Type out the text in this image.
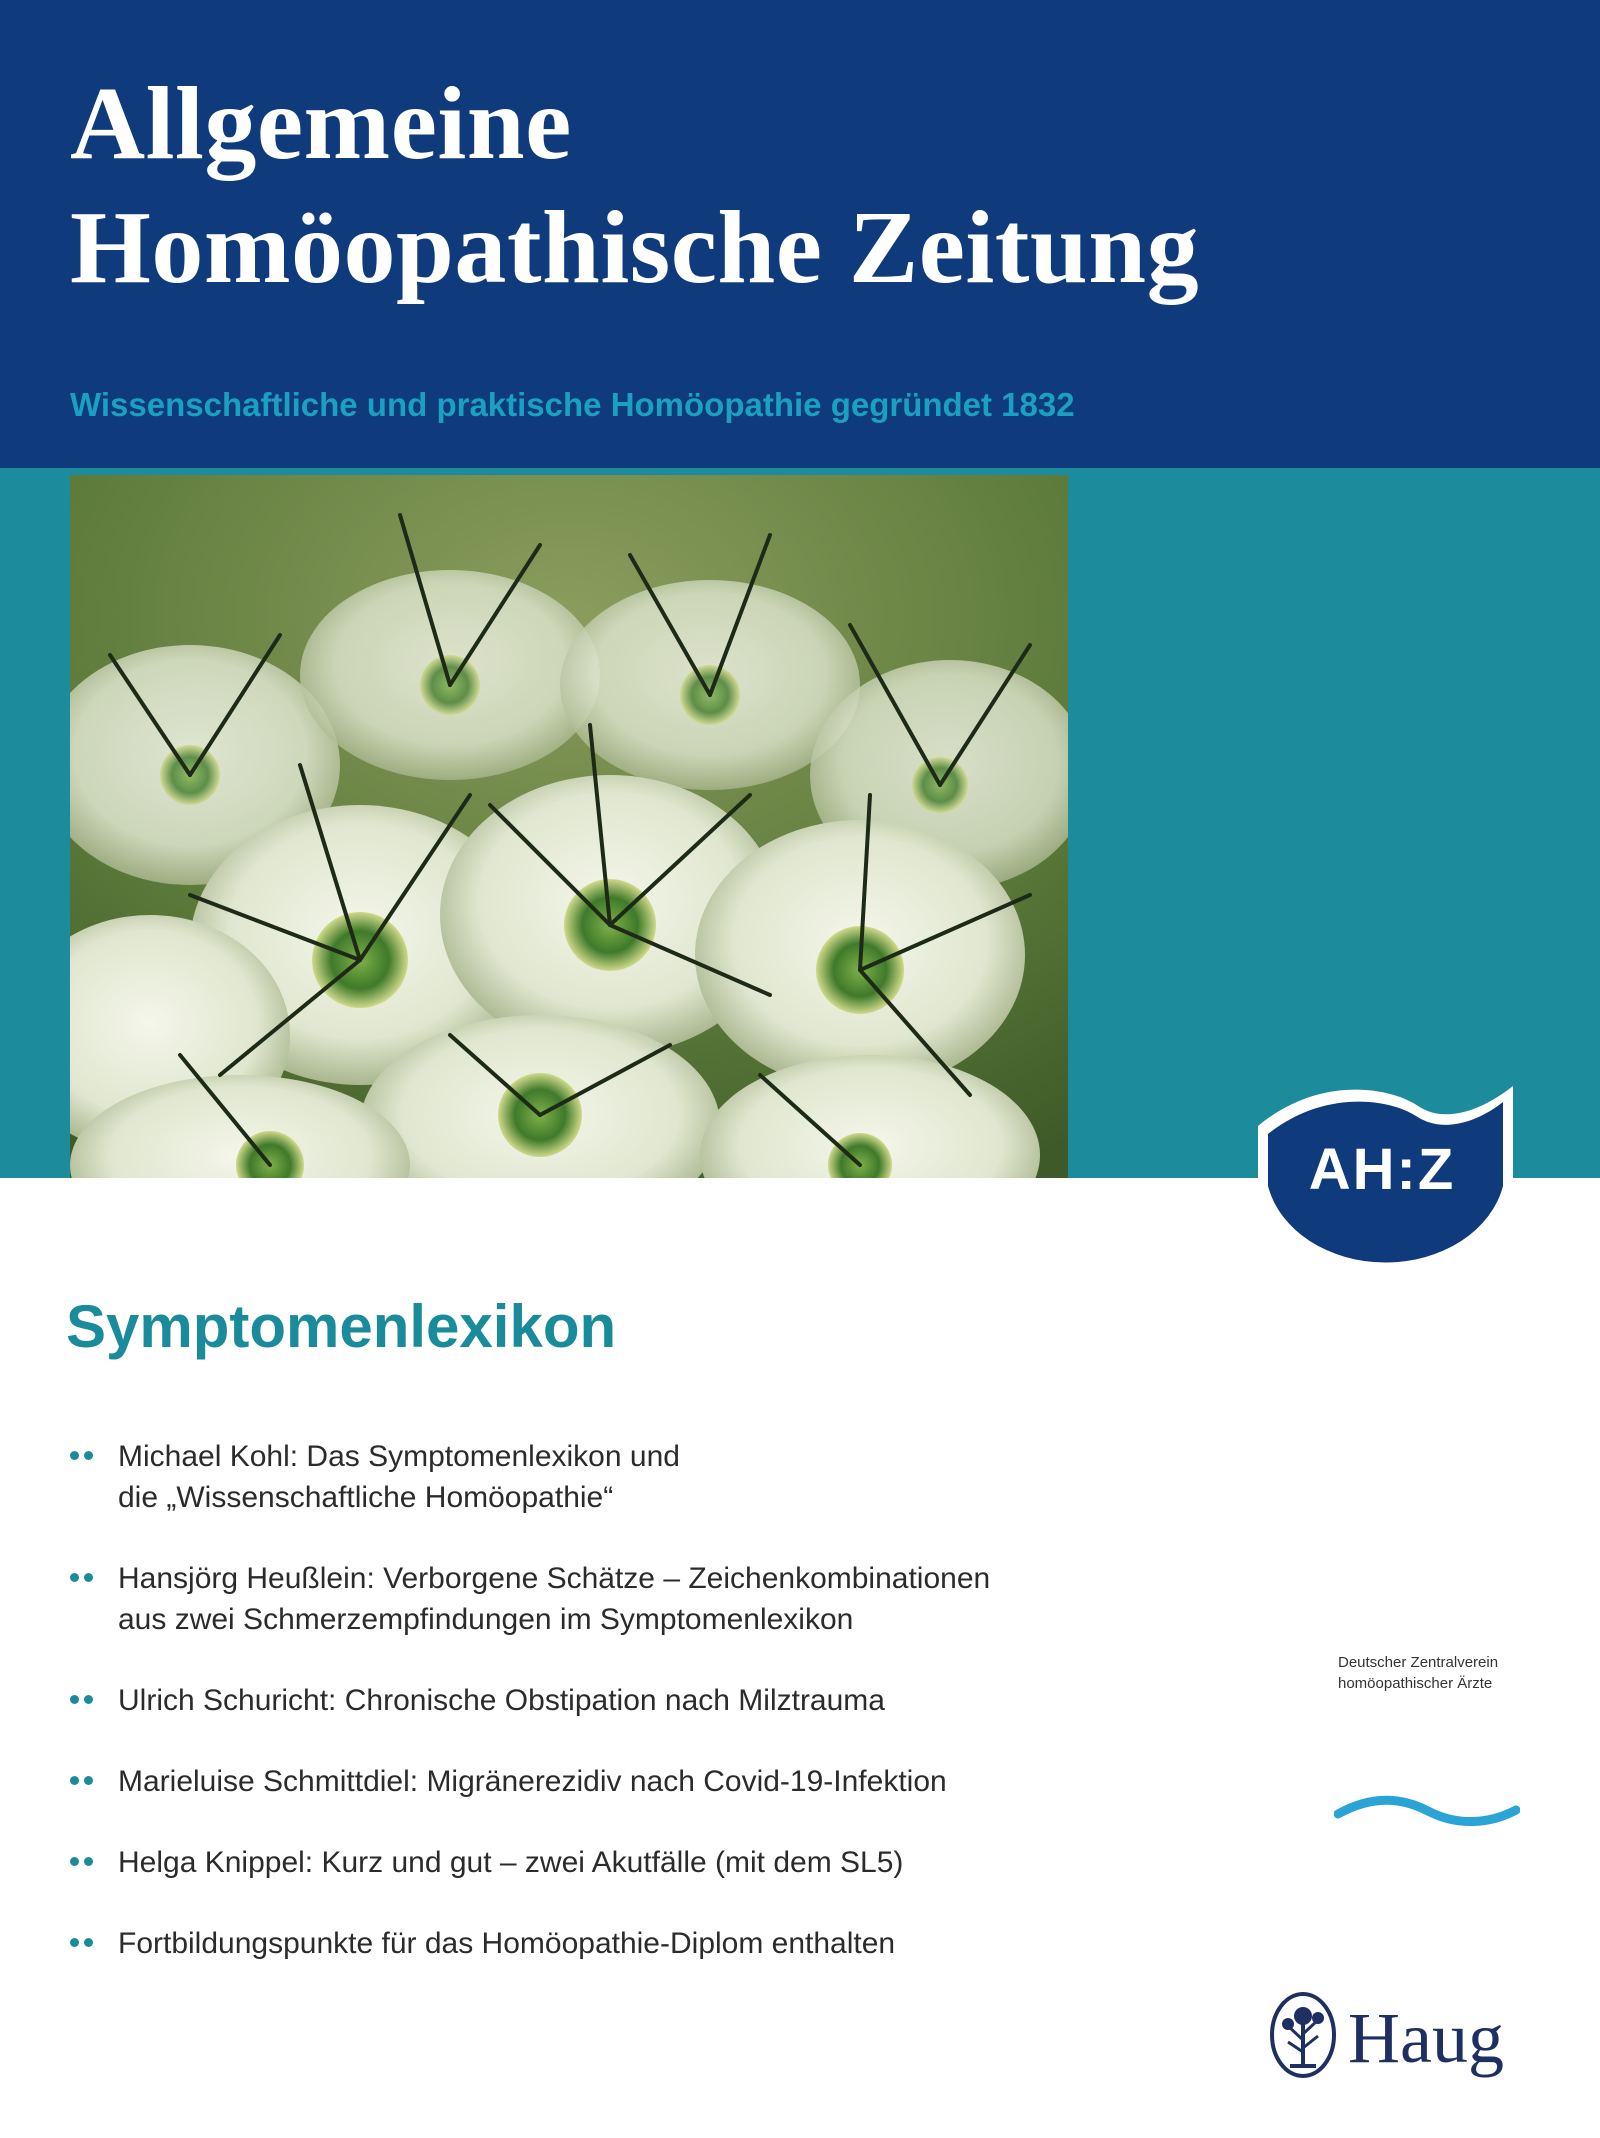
Allgemeine
Homöopathische Zeitung
Wissenschaftliche und praktische Homöopathie gegründet 1832
AH:Z
Symptomenlexikon
Michael Kohl: Das Symptomenlexikon und
die „Wissenschaftliche Homöopathie“
Hansjörg Heußlein: Verborgene Schätze – Zeichenkombinationen
aus zwei Schmerzempfindungen im Symptomenlexikon
Ulrich Schuricht: Chronische Obstipation nach Milztrauma
Marieluise Schmittdiel: Migränerezidiv nach Covid-19-Infektion
Helga Knippel: Kurz und gut – zwei Akutfälle (mit dem SL5)
Fortbildungspunkte für das Homöopathie-Diplom enthalten
Deutscher Zentralverein
homöopathischer Ärzte
Haug
